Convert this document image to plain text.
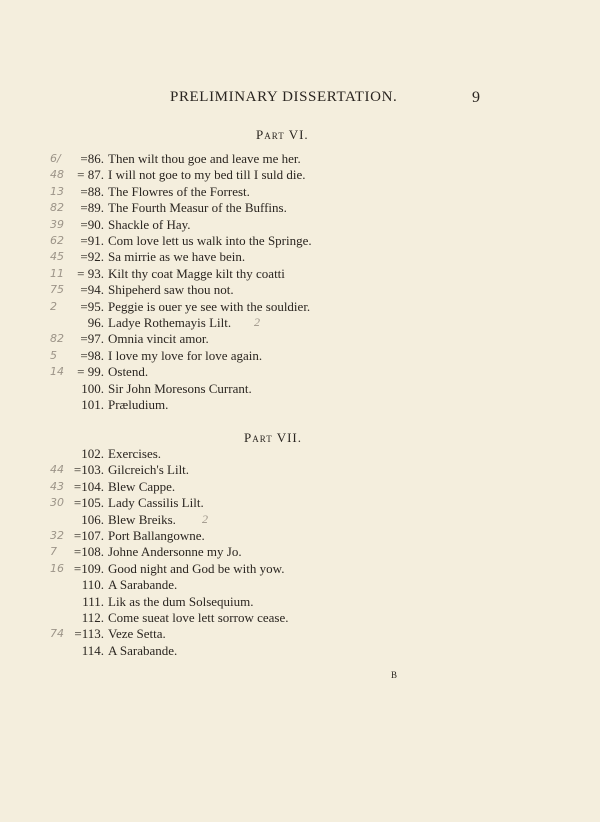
PRELIMINARY DISSERTATION.	9
Part VI.
6/	=86. Then wilt thou goe and leave me her.
48	= 87. I will not goe to my bed till I suld die.
13	=88. The Flowres of the Forrest.
82	=89. The Fourth Measur of the Buffins.
39	=90. Shackle of Hay.
62	=91. Com love lett us walk into the Springe.
45	=92. Sa mirrie as we have bein.
11	= 93. Kilt thy coat Magge kilt thy coatti
75	=94. Shipeherd saw thou not.
2	=95. Peggie is ouer ye see with the souldier.
96. Ladye Rothemayis Lilt. 2
82	=97. Omnia vincit amor.
5	=98. I love my love for love again.
14	= 99. Ostend.
100. Sir John Moresons Currant.
101. Præludium.
Part VII.
102. Exercises.
44 =103. Gilcreich's Lilt.
43 =104. Blew Cappe.
30 =105. Lady Cassilis Lilt.
106. Blew Breiks. 2
32 =107. Port Ballangowne.
7	=108. Johne Andersonne my Jo.
16 =109. Good night and God be with yow.
110. A Sarabande.
111. Lik as the dum Solsequium.
112. Come sueat love lett sorrow cease.
74 =113. Veze Setta.
114. A Sarabande.
B
